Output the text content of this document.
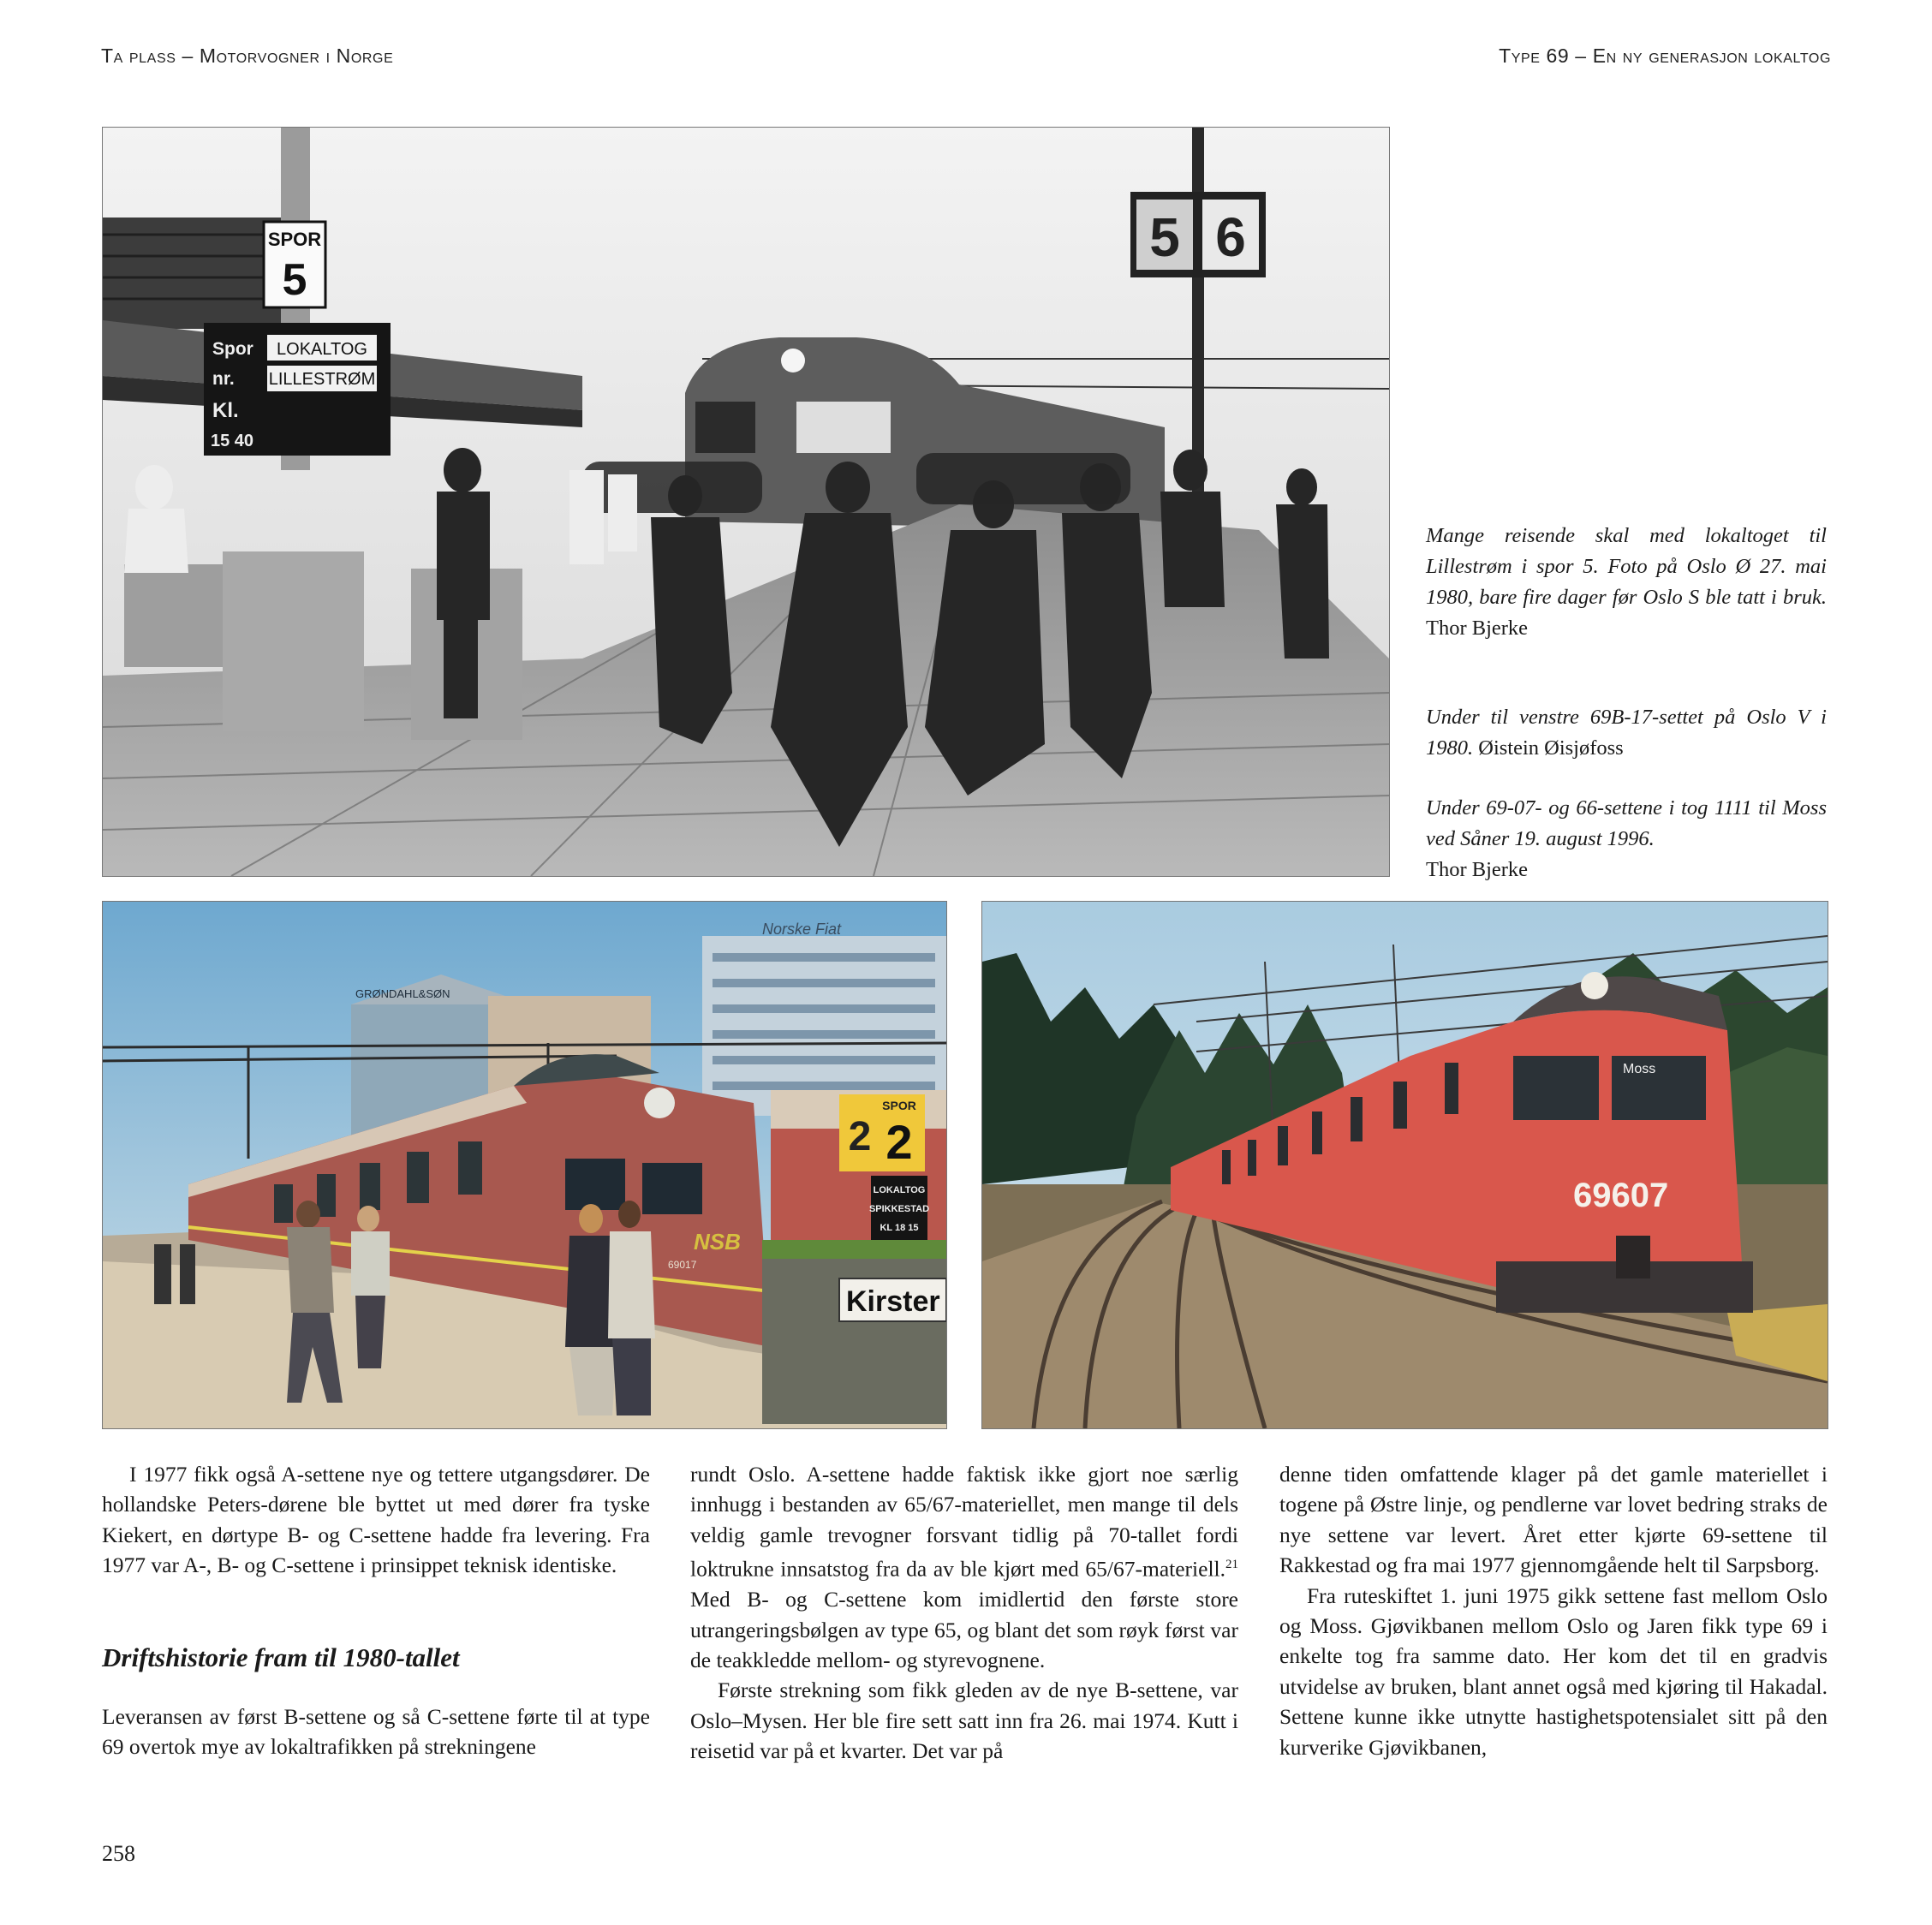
Ta plass – Motorvogner i Norge	Type 69 – En ny generasjon lokaltog
SPOR
5
Spor LOKALTOG
nr. LILLESTRØM
Kl.
15 40
5 6
Norske Fiat
GRØNDAHL&SØN
NSB
69017
2
SPOR
2
LOKALTOG
SPIKKESTAD
KL 18 15
Kirster
Moss
69607
Mange reisende skal med lokaltoget til Lillestrøm i spor 5. Foto på Oslo Ø 27. mai 1980, bare fire dager før Oslo S ble tatt i bruk. Thor Bjerke
Under til venstre 69B-17-settet på Oslo V i 1980. Øistein Øisjøfoss
Under 69-07- og 66-settene i tog 1111 til Moss ved Såner 19. august 1996.
Thor Bjerke

I 1977 fikk også A-settene nye og tettere utgangsdører. De hollandske Peters-dørene ble byttet ut med dører fra tyske Kiekert, en dørtype B- og C-settene hadde fra levering. Fra 1977 var A-, B- og C-settene i prinsippet teknisk identiske.

Driftshistorie fram til 1980-tallet

Leveransen av først B-settene og så C-settene førte til at type 69 overtok mye av lokaltrafikken på strekningene

rundt Oslo. A-settene hadde faktisk ikke gjort noe særlig innhugg i bestanden av 65/67-materiellet, men mange til dels veldig gamle trevogner forsvant tidlig på 70-tallet fordi loktrukne innsatstog fra da av ble kjørt med 65/67-materiell.$^{21}$ Med B- og C-settene kom imidlertid den første store utrangeringsbølgen av type 65, og blant det som røyk først var de teakkledde mellom- og styrevognene.

Første strekning som fikk gleden av de nye B-settene, var Oslo–Mysen. Her ble fire sett satt inn fra 26. mai 1974. Kutt i reisetid var på et kvarter. Det var på

denne tiden omfattende klager på det gamle materiellet i togene på Østre linje, og pendlerne var lovet bedring straks de nye settene var levert. Året etter kjørte 69-settene til Rakkestad og fra mai 1977 gjennomgående helt til Sarpsborg.

Fra ruteskiftet 1. juni 1975 gikk settene fast mellom Oslo og Moss. Gjøvikbanen mellom Oslo og Jaren fikk type 69 i enkelte tog fra samme dato. Her kom det til en gradvis utvidelse av bruken, blant annet også med kjøring til Hakadal. Settene kunne ikke utnytte hastighetspotensialet sitt på den kurverike Gjøvikbanen,

258
